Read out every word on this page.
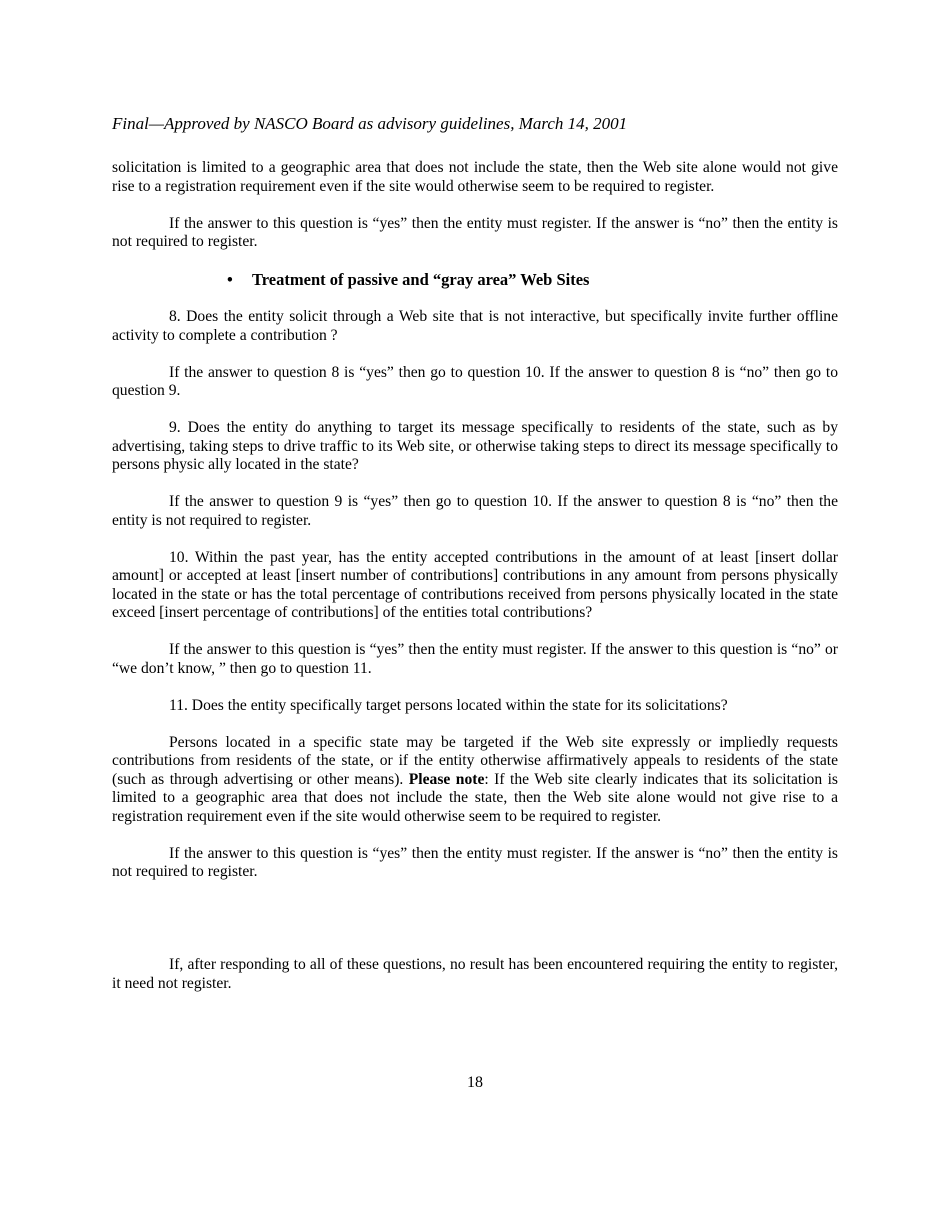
Final—Approved by NASCO Board as advisory guidelines, March 14, 2001

solicitation is limited to a geographic area that does not include the state, then the Web site alone would not give rise to a registration requirement even if the site would otherwise seem to be required to register.

If the answer to this question is “yes” then the entity must register. If the answer is “no” then the entity is not required to register.

• Treatment of passive and “gray area” Web Sites

8. Does the entity solicit through a Web site that is not interactive, but specifically invite further offline activity to complete a contribution ?

If the answer to question 8 is “yes” then go to question 10. If the answer to question 8 is “no” then go to question 9.

9. Does the entity do anything to target its message specifically to residents of the state, such as by advertising, taking steps to drive traffic to its Web site, or otherwise taking steps to direct its message specifically to persons physic ally located in the state?

If the answer to question 9 is “yes” then go to question 10. If the answer to question 8 is “no” then the entity is not required to register.

10. Within the past year, has the entity accepted contributions in the amount of at least [insert dollar amount] or accepted at least [insert number of contributions] contributions in any amount from persons physically located in the state or has the total percentage of contributions received from persons physically located in the state exceed [insert percentage of contributions] of the entities total contributions?

If the answer to this question is “yes” then the entity must register. If the answer to this question is “no” or “we don’t know, ” then go to question 11.

11. Does the entity specifically target persons located within the state for its solicitations?

Persons located in a specific state may be targeted if the Web site expressly or impliedly requests contributions from residents of the state, or if the entity otherwise affirmatively appeals to residents of the state (such as through advertising or other means). Please note: If the Web site clearly indicates that its solicitation is limited to a geographic area that does not include the state, then the Web site alone would not give rise to a registration requirement even if the site would otherwise seem to be required to register.

If the answer to this question is “yes” then the entity must register. If the answer is “no” then the entity is not required to register.

If, after responding to all of these questions, no result has been encountered requiring the entity to register, it need not register.

18
